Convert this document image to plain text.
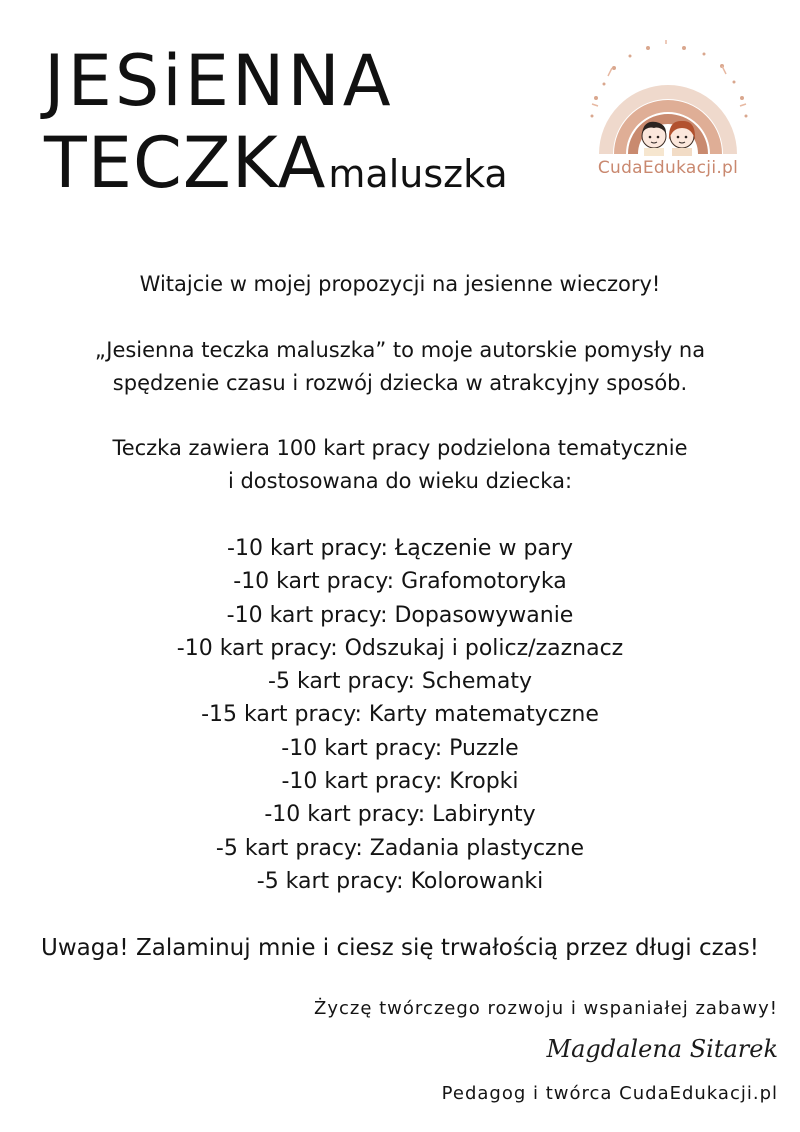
JESiENNA
TECZKAmaluszka	CudaEdukacji.pl

Witajcie w mojej propozycji na jesienne wieczory!

„Jesienna teczka maluszka” to moje autorskie pomysły na
spędzenie czasu i rozwój dziecka w atrakcyjny sposób.

Teczka zawiera 100 kart pracy podzielona tematycznie
i dostosowana do wieku dziecka:

-10 kart pracy: Łączenie w pary
-10 kart pracy: Grafomotoryka
-10 kart pracy: Dopasowywanie
-10 kart pracy: Odszukaj i policz/zaznacz
-5 kart pracy: Schematy
-15 kart pracy: Karty matematyczne
-10 kart pracy: Puzzle
-10 kart pracy: Kropki
-10 kart pracy: Labirynty
-5 kart pracy: Zadania plastyczne
-5 kart pracy: Kolorowanki

Uwaga! Zalaminuj mnie i ciesz się trwałością przez długi czas!

Życzę twórczego rozwoju i wspaniałej zabawy!

Magdalena Sitarek

Pedagog i twórca CudaEdukacji.pl
